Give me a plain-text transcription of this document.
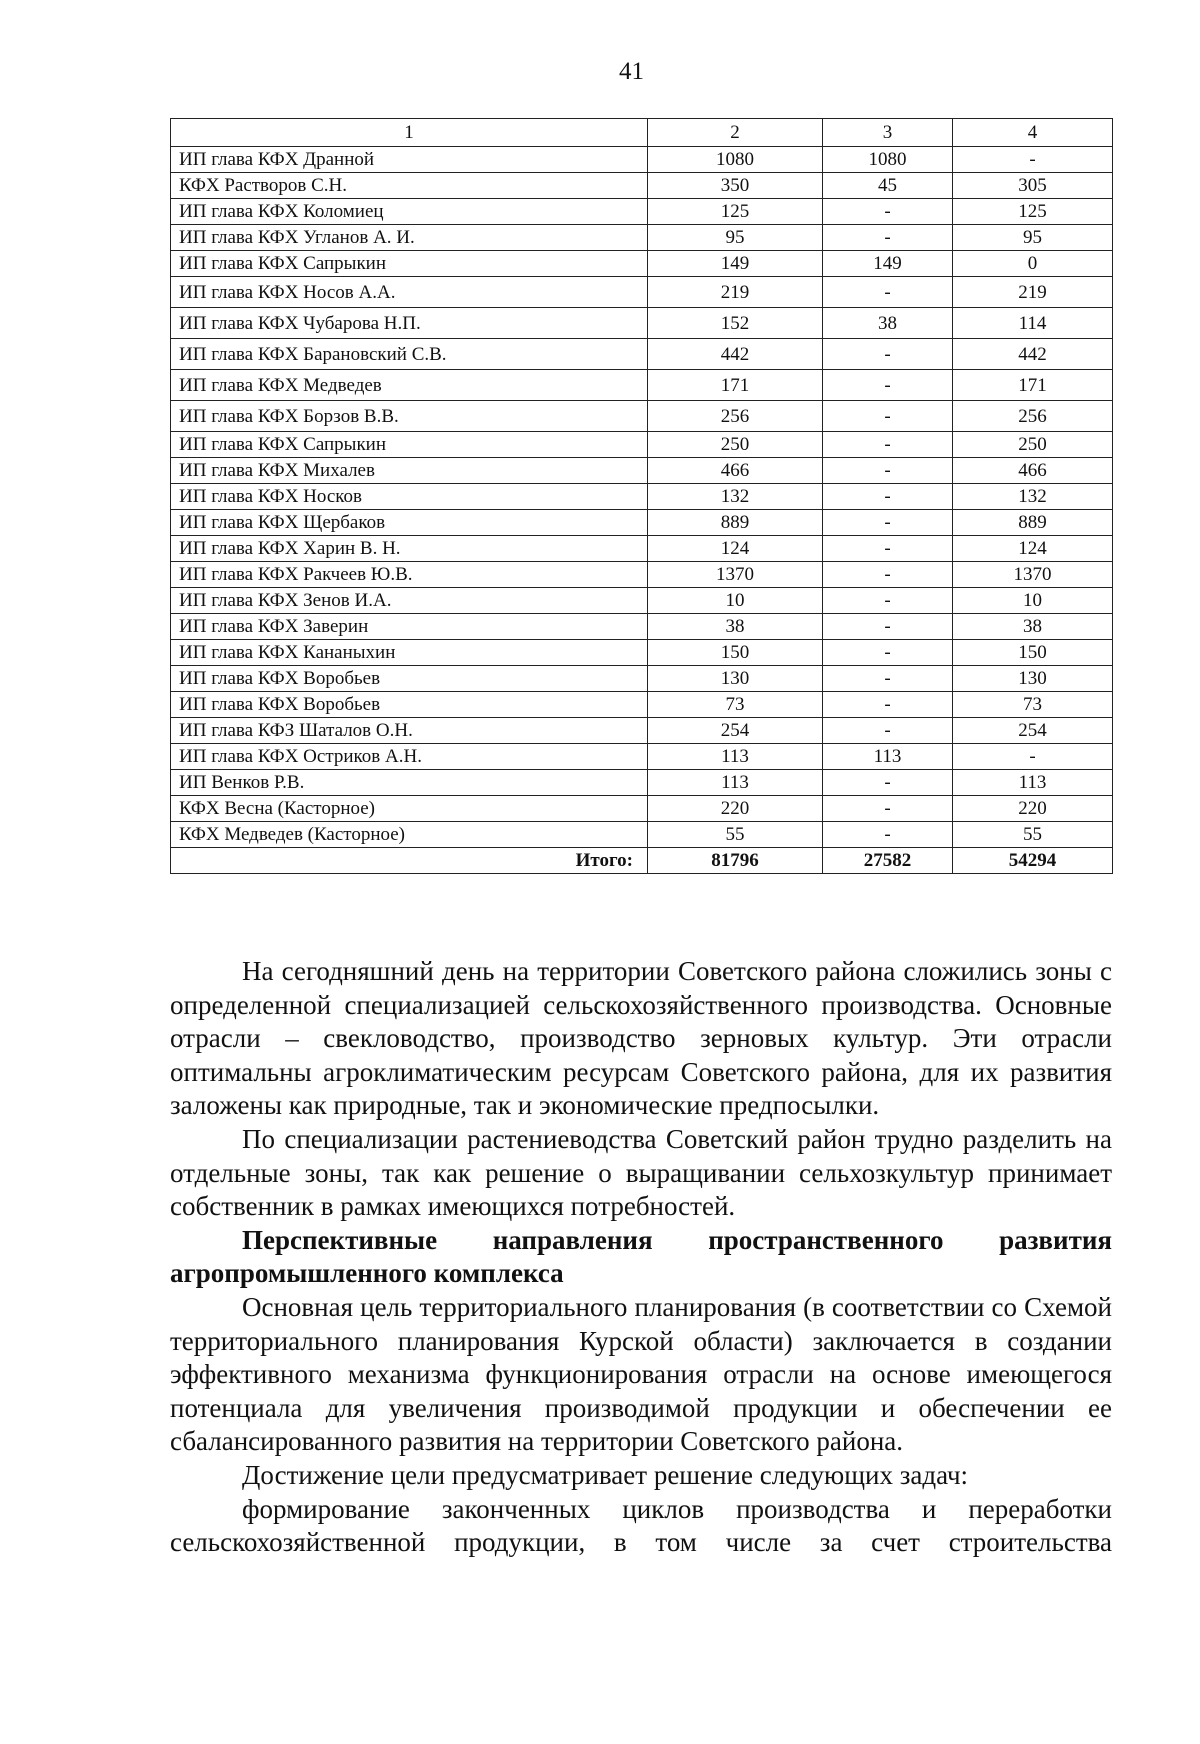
41
1	2	3	4
ИП глава КФХ Дранной	1080	1080	-
КФХ Растворов С.Н.	350	45	305
ИП глава КФХ Коломиец	125	-	125
ИП глава КФХ Угланов А. И.	95	-	95
ИП глава КФХ Сапрыкин	149	149	0
ИП глава КФХ Носов А.А.	219	-	219
ИП глава КФХ Чубарова Н.П.	152	38	114
ИП глава КФХ Барановский С.В.	442	-	442
ИП глава КФХ Медведев	171	-	171
ИП глава КФХ Борзов В.В.	256	-	256
ИП глава КФХ Сапрыкин	250	-	250
ИП глава КФХ Михалев	466	-	466
ИП глава КФХ Носков	132	-	132
ИП глава КФХ Щербаков	889	-	889
ИП глава КФХ Харин В. Н.	124	-	124
ИП глава КФХ Ракчеев Ю.В.	1370	-	1370
ИП глава КФХ Зенов И.А.	10	-	10
ИП глава КФХ Заверин	38	-	38
ИП глава КФХ Кананыхин	150	-	150
ИП глава КФХ Воробьев	130	-	130
ИП глава КФХ Воробьев	73	-	73
ИП глава КФЗ Шаталов О.Н.	254	-	254
ИП глава КФХ Остриков А.Н.	113	113	-
ИП Венков Р.В.	113	-	113
КФХ Весна (Касторное)	220	-	220
КФХ Медведев (Касторное)	55	-	55
Итого:	81796	27582	54294

На сегодняшний день на территории Советского района сложились зоны с определенной специализацией сельскохозяйственного производства. Основные отрасли – свекловодство, производство зерновых культур. Эти отрасли оптимальны агроклиматическим ресурсам Советского района, для их развития заложены как природные, так и экономические предпосылки.

По специализации растениеводства Советский район трудно разделить на отдельные зоны, так как решение о выращивании сельхозкультур принимает собственник в рамках имеющихся потребностей.

Перспективные направления пространственного развития агропромышленного комплекса

Основная цель территориального планирования (в соответствии со Схемой территориального планирования Курской области) заключается в создании эффективного механизма функционирования отрасли на основе имеющегося потенциала для увеличения производимой продукции и обеспечении ее сбалансированного развития на территории Советского района.

Достижение цели предусматривает решение следующих задач:

формирование законченных циклов производства и переработки сельскохозяйственной продукции, в том числе за счет строительства
